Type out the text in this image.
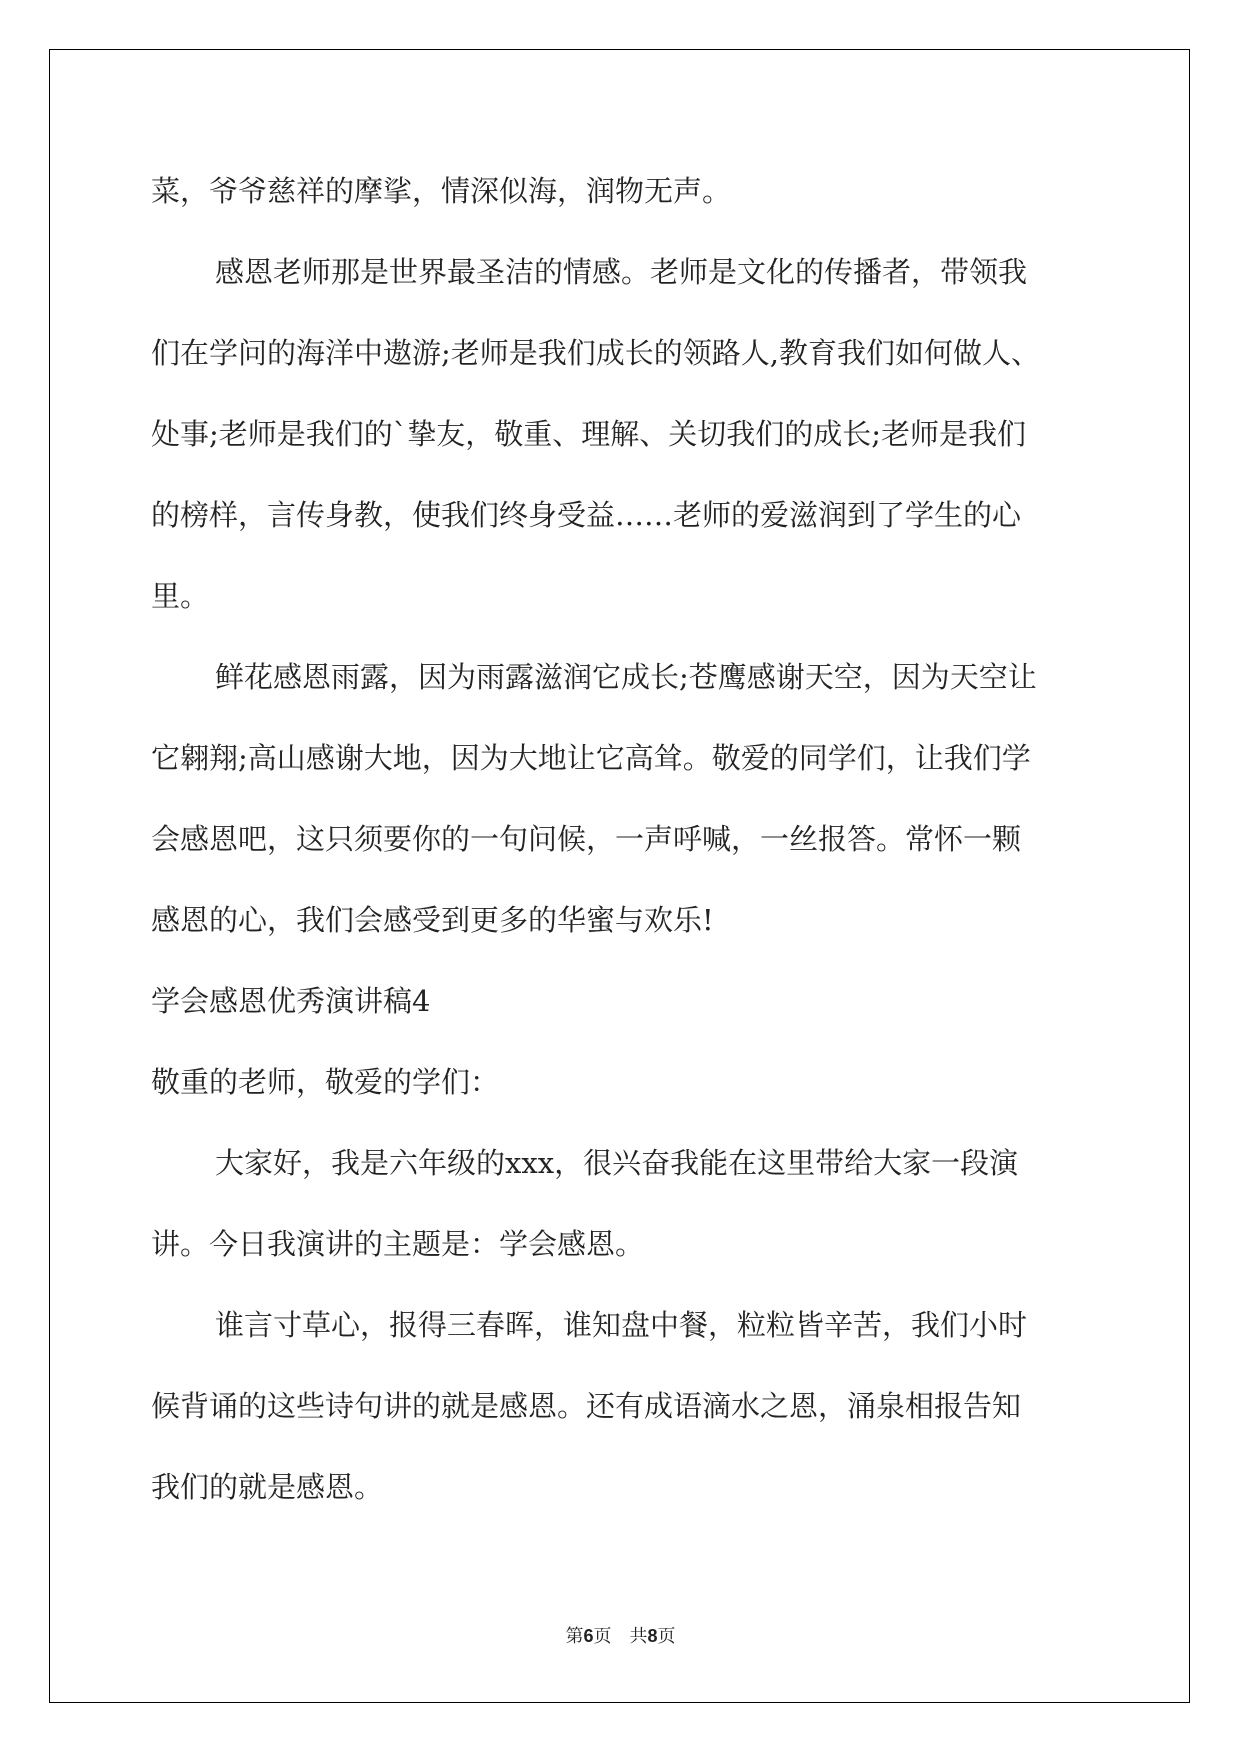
菜，爷爷慈祥的摩挲，情深似海，润物无声。

感恩老师那是世界最圣洁的情感。老师是文化的传播者，带领我

们在学问的海洋中遨游;老师是我们成长的领路人,教育我们如何做人、

处事;老师是我们的`挚友，敬重、理解、关切我们的成长;老师是我们

的榜样，言传身教，使我们终身受益……老师的爱滋润到了学生的心

里。

鲜花感恩雨露，因为雨露滋润它成长;苍鹰感谢天空，因为天空让

它翱翔;高山感谢大地，因为大地让它高耸。敬爱的同学们，让我们学

会感恩吧，这只须要你的一句问候，一声呼喊，一丝报答。常怀一颗

感恩的心，我们会感受到更多的华蜜与欢乐!

学会感恩优秀演讲稿4

敬重的老师，敬爱的学们：

大家好，我是六年级的xxx，很兴奋我能在这里带给大家一段演

讲。今日我演讲的主题是：学会感恩。

谁言寸草心，报得三春晖，谁知盘中餐，粒粒皆辛苦，我们小时

候背诵的这些诗句讲的就是感恩。还有成语滴水之恩，涌泉相报告知

我们的就是感恩。

第6页　共8页
